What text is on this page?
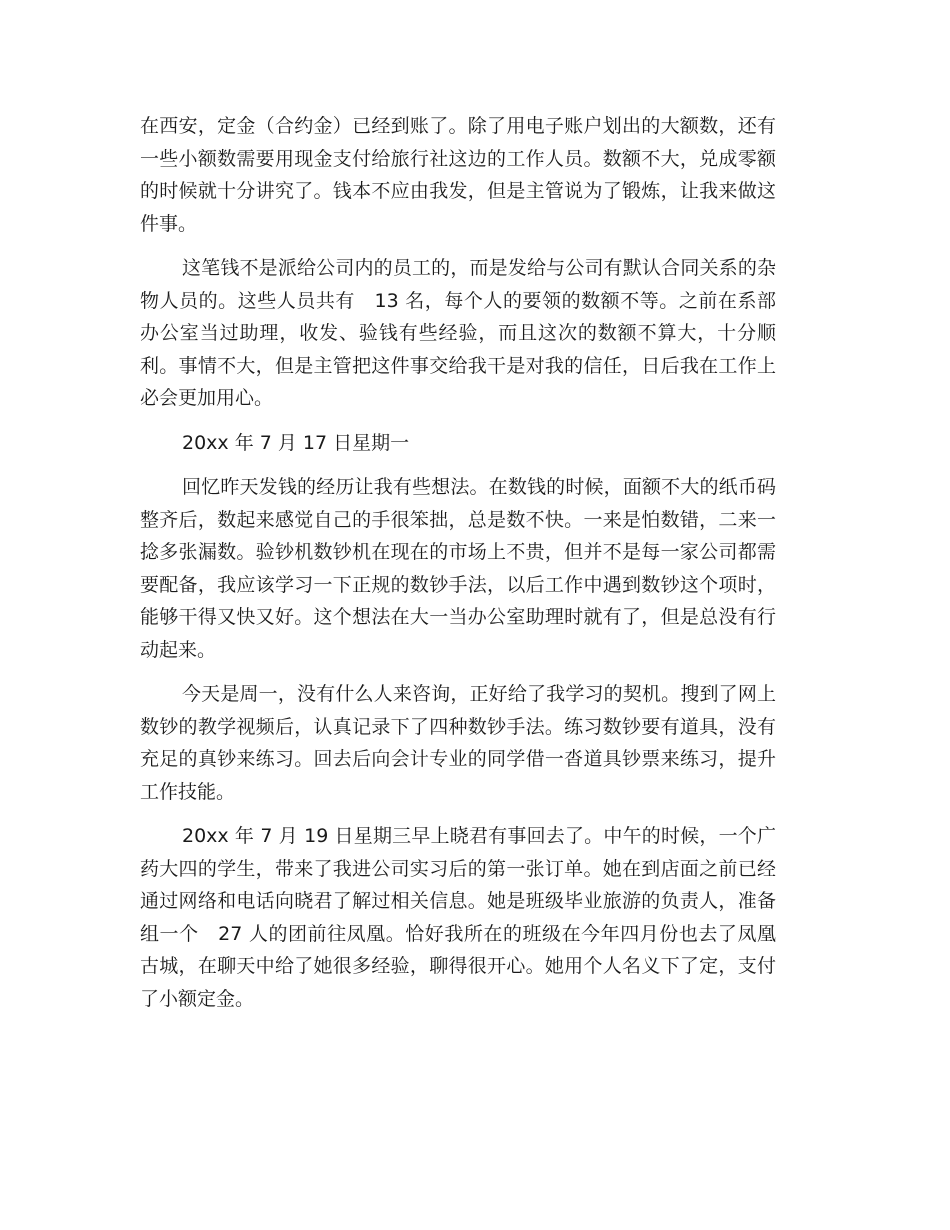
在西安，定金（合约金）已经到账了。除了用电子账户划出的大额数，还有一些小额数需要用现金支付给旅行社这边的工作人员。数额不大，兑成零额的时候就十分讲究了。钱本不应由我发，但是主管说为了锻炼，让我来做这件事。

这笔钱不是派给公司内的员工的，而是发给与公司有默认合同关系的杂物人员的。这些人员共有　13 名，每个人的要领的数额不等。之前在系部办公室当过助理，收发、验钱有些经验，而且这次的数额不算大，十分顺利。事情不大，但是主管把这件事交给我干是对我的信任，日后我在工作上必会更加用心。

20xx 年 7 月 17 日星期一

回忆昨天发钱的经历让我有些想法。在数钱的时候，面额不大的纸币码整齐后，数起来感觉自己的手很笨拙，总是数不快。一来是怕数错，二来一捻多张漏数。验钞机数钞机在现在的市场上不贵，但并不是每一家公司都需要配备，我应该学习一下正规的数钞手法，以后工作中遇到数钞这个项时，能够干得又快又好。这个想法在大一当办公室助理时就有了，但是总没有行动起来。

今天是周一，没有什么人来咨询，正好给了我学习的契机。搜到了网上数钞的教学视频后，认真记录下了四种数钞手法。练习数钞要有道具，没有充足的真钞来练习。回去后向会计专业的同学借一沓道具钞票来练习，提升工作技能。

20xx 年 7 月 19 日星期三早上晓君有事回去了。中午的时候，一个广药大四的学生，带来了我进公司实习后的第一张订单。她在到店面之前已经通过网络和电话向晓君了解过相关信息。她是班级毕业旅游的负责人，准备组一个　27 人的团前往凤凰。恰好我所在的班级在今年四月份也去了凤凰古城，在聊天中给了她很多经验，聊得很开心。她用个人名义下了定，支付了小额定金。
